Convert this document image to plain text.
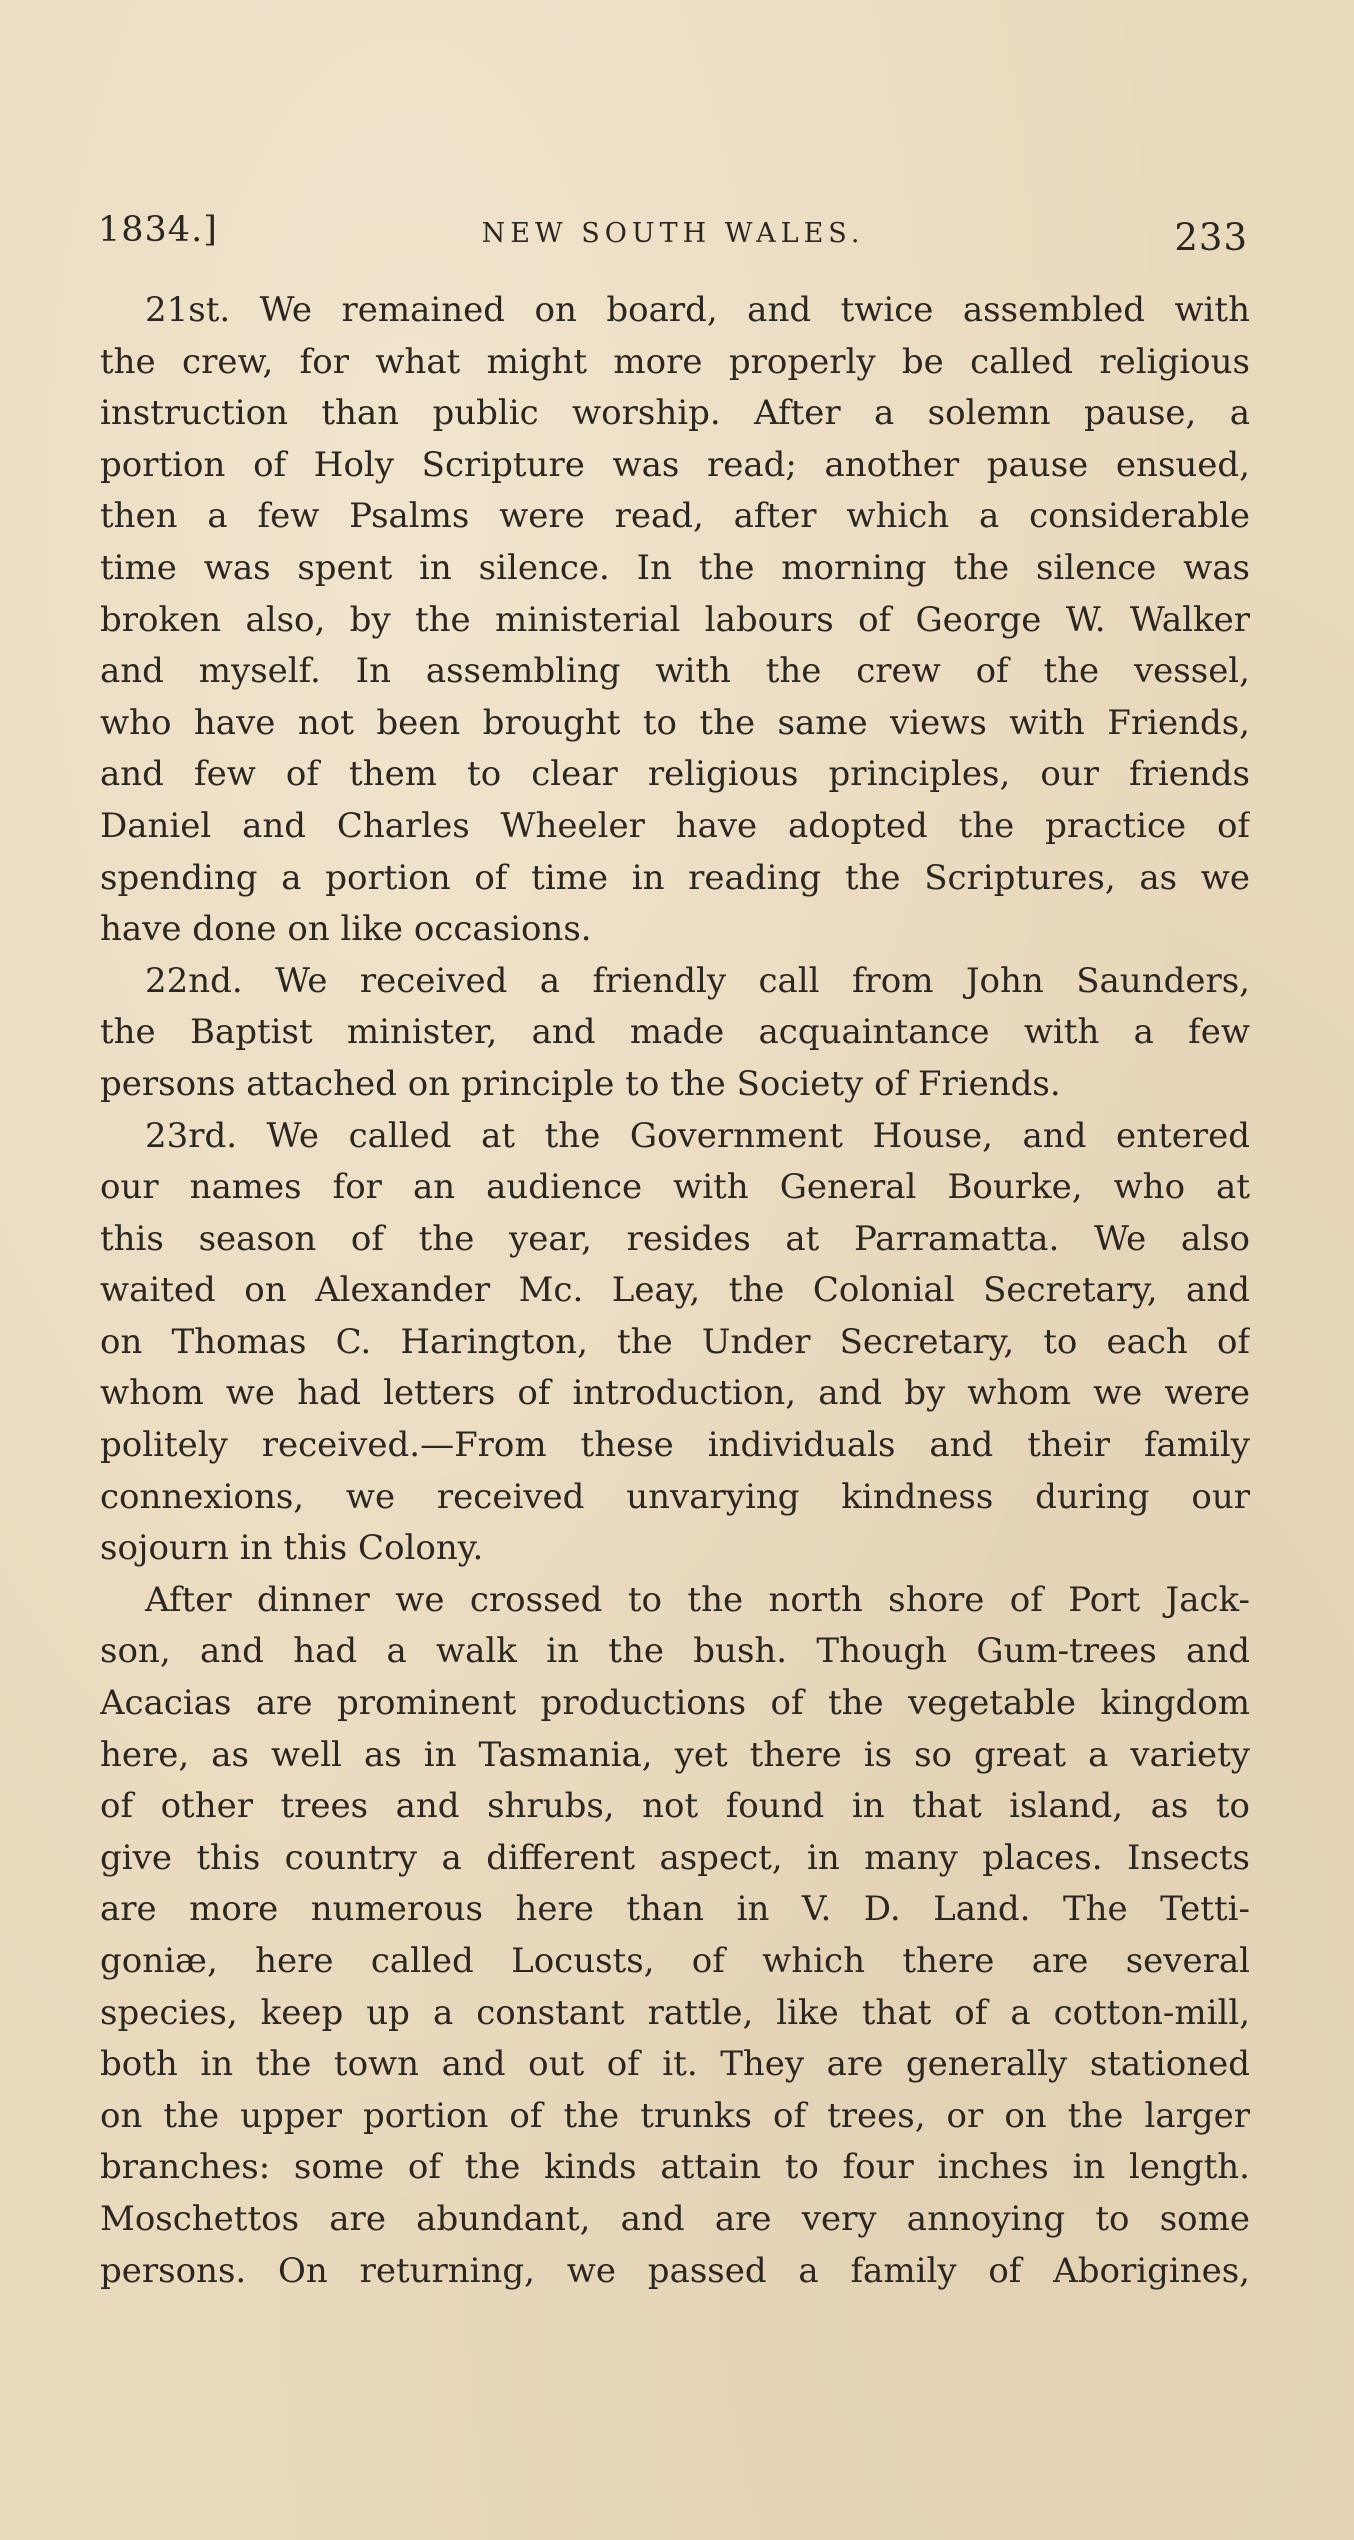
1834.]	NEW SOUTH WALES.	233
21st. We remained on board, and twice assembled with
the crew, for what might more properly be called religious
instruction than public worship. After a solemn pause, a
portion of Holy Scripture was read; another pause ensued,
then a few Psalms were read, after which a considerable
time was spent in silence. In the morning the silence was
broken also, by the ministerial labours of George W. Walker
and myself. In assembling with the crew of the vessel,
who have not been brought to the same views with Friends,
and few of them to clear religious principles, our friends
Daniel and Charles Wheeler have adopted the practice of
spending a portion of time in reading the Scriptures, as we
have done on like occasions.
22nd. We received a friendly call from John Saunders,
the Baptist minister, and made acquaintance with a few
persons attached on principle to the Society of Friends.
23rd. We called at the Government House, and entered
our names for an audience with General Bourke, who at
this season of the year, resides at Parramatta. We also
waited on Alexander Mc. Leay, the Colonial Secretary, and
on Thomas C. Harington, the Under Secretary, to each of
whom we had letters of introduction, and by whom we were
politely received.—From these individuals and their family
connexions, we received unvarying kindness during our
sojourn in this Colony.
After dinner we crossed to the north shore of Port Jack-
son, and had a walk in the bush. Though Gum-trees and
Acacias are prominent productions of the vegetable kingdom
here, as well as in Tasmania, yet there is so great a variety
of other trees and shrubs, not found in that island, as to
give this country a different aspect, in many places. Insects
are more numerous here than in V. D. Land. The Tetti-
goniæ, here called Locusts, of which there are several
species, keep up a constant rattle, like that of a cotton-mill,
both in the town and out of it. They are generally stationed
on the upper portion of the trunks of trees, or on the larger
branches: some of the kinds attain to four inches in length.
Moschettos are abundant, and are very annoying to some
persons. On returning, we passed a family of Aborigines,
